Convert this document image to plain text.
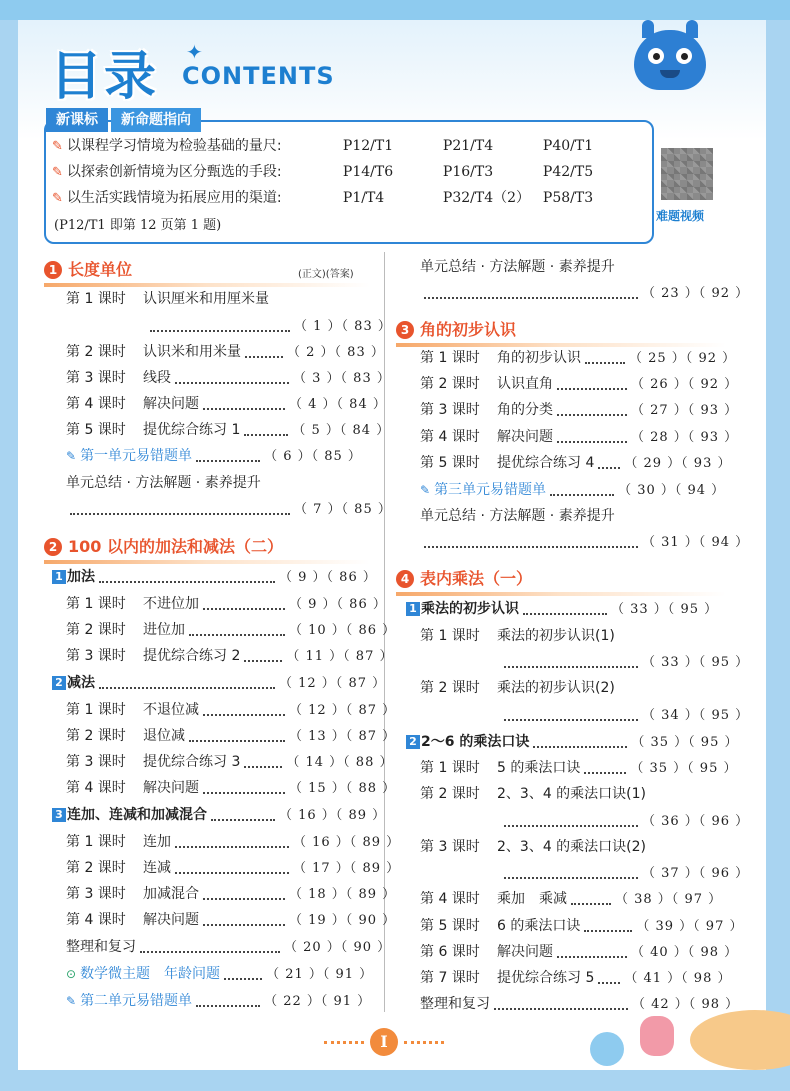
目录 ✦
CONTENTS
新课标	新命题指向
✎ 以课程学习情境为检验基础的量尺:	P12/T1	P21/T4	P40/T1
✎ 以探索创新情境为区分甄选的手段:	P14/T6	P16/T3	P42/T5
✎ 以生活实践情境为拓展应用的渠道:	P1/T4	P32/T4（2） P58/T3
(P12/T1 即第 12 页第 1 题)
难题视频
1 长度单位	(正文)(答案)
第 1 课时 认识厘米和用厘米量
（ 1 ）（ 83 ）
第 2 课时 认识米和用米量	（ 2 ）（ 83 ）
第 3 课时 线段	（ 3 ）（ 83 ）
第 4 课时 解决问题	（ 4 ）（ 84 ）
第 5 课时 提优综合练习 1	（ 5 ）（ 84 ）
✎ 第一单元易错题单	（ 6 ）（ 85 ）
单元总结 · 方法解题 · 素养提升
（ 7 ）（ 85 ）
2 100 以内的加法和减法（二）
1 加法	（ 9 ）（ 86 ）
第 1 课时 不进位加	（ 9 ）（ 86 ）
第 2 课时 进位加	（ 10 ）（ 86 ）
第 3 课时 提优综合练习 2	（ 11 ）（ 87 ）
2 减法	（ 12 ）（ 87 ）
第 1 课时 不退位减	（ 12 ）（ 87 ）
第 2 课时 退位减	（ 13 ）（ 87 ）
第 3 课时 提优综合练习 3	（ 14 ）（ 88 ）
第 4 课时 解决问题	（ 15 ）（ 88 ）
3 连加、连减和加减混合	（ 16 ）（ 89 ）
第 1 课时 连加	（ 16 ）（ 89 ）
第 2 课时 连减	（ 17 ）（ 89 ）
第 3 课时 加减混合	（ 18 ）（ 89 ）
第 4 课时 解决问题	（ 19 ）（ 90 ）
整理和复习	（ 20 ）（ 90 ）
⊙ 数学微主题　年龄问题	（ 21 ）（ 91 ）
✎ 第二单元易错题单	（ 22 ）（ 91 ）
单元总结 · 方法解题 · 素养提升
（ 23 ）（ 92 ）
3 角的初步认识
第 1 课时 角的初步认识	（ 25 ）（ 92 ）
第 2 课时 认识直角	（ 26 ）（ 92 ）
第 3 课时 角的分类	（ 27 ）（ 93 ）
第 4 课时 解决问题	（ 28 ）（ 93 ）
第 5 课时 提优综合练习 4 （ 29 ）（ 93 ）
✎ 第三单元易错题单	（ 30 ）（ 94 ）
单元总结 · 方法解题 · 素养提升
（ 31 ）（ 94 ）
4 表内乘法（一）
1 乘法的初步认识	（ 33 ）（ 95 ）
第 1 课时 乘法的初步认识(1)
（ 33 ）（ 95 ）
第 2 课时 乘法的初步认识(2)
（ 34 ）（ 95 ）
2 2～6 的乘法口诀	（ 35 ）（ 95 ）
第 1 课时 5 的乘法口诀	（ 35 ）（ 95 ）
第 2 课时 2、3、4 的乘法口诀(1)
（ 36 ）（ 96 ）
第 3 课时 2、3、4 的乘法口诀(2)
（ 37 ）（ 96 ）
第 4 课时 乘加　乘减	（ 38 ）（ 97 ）
第 5 课时 6 的乘法口诀	（ 39 ）（ 97 ）
第 6 课时 解决问题	（ 40 ）（ 98 ）
第 7 课时 提优综合练习 5 （ 41 ）（ 98 ）
整理和复习	（ 42 ）（ 98 ）
I
